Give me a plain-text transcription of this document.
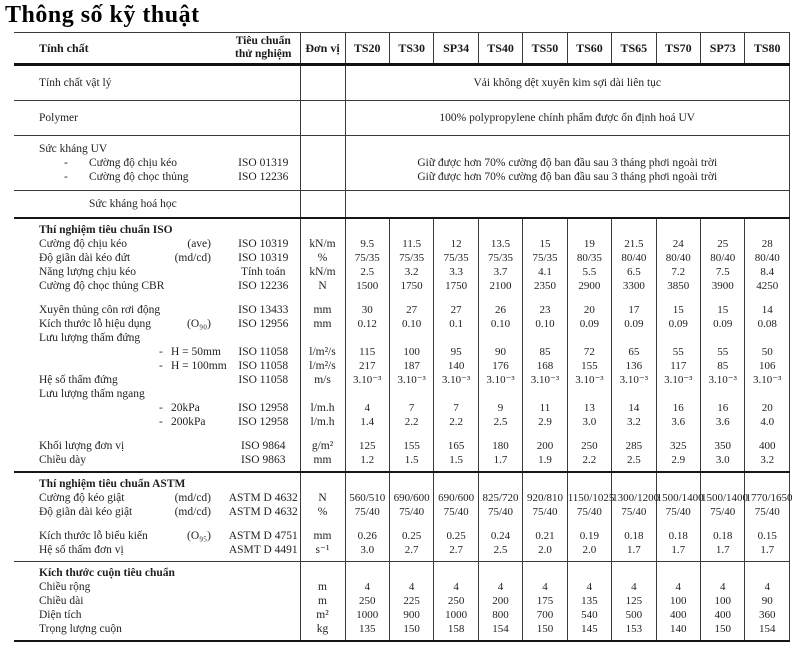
Thông số kỹ thuật
Tính chất	Tiêu chuẩn
thử nghiệm	Đơn vị	TS20	TS30	SP34	TS40	TS50	TS60	TS65	TS70	SP73	TS80
Tính chất vật lý			Vải không dệt xuyên kim sợi dài liên tục									
Polymer			100% polypropylene chính phẩm được ổn định hoá UV									
Sức kháng UV												
- Cường độ chịu kéo	ISO 01319		Giữ được hơn 70% cường độ ban đầu sau 3 tháng phơi ngoài trời									
- Cường độ chọc thủng	ISO 12236		Giữ được hơn 70% cường độ ban đầu sau 3 tháng phơi ngoài trời									
Sức kháng hoá học												
Thí nghiệm tiêu chuẩn ISO												
Cường độ chịu kéo (ave)	ISO 10319	kN/m	9.5	11.5	12	13.5	15	19	21.5	24	25	28
Độ giãn dài kéo đứt (md/cd)	ISO 10319	%	75/35	75/35	75/35	75/35	75/35	80/35	80/40	80/40	80/40	80/40
Năng lượng chịu kéo	Tính toán	kN/m	2.5	3.2	3.3	3.7	4.1	5.5	6.5	7.2	7.5	8.4
Cường độ chọc thủng CBR	ISO 12236	N	1500	1750	1750	2100	2350	2900	3300	3850	3900	4250

Xuyên thủng côn rơi động	ISO 13433	mm	30	27	27	26	23	20	17	15	15	14
Kích thước lỗ hiệu dụng (O₉₀)	ISO 12956	mm	0.12	0.10	0.1	0.10	0.10	0.09	0.09	0.09	0.09	0.08
Lưu lượng thấm đứng												
- H = 50mm	ISO 11058	l/m²/s	115	100	95	90	85	72	65	55	55	50
- H = 100mm	ISO 11058	l/m²/s	217	187	140	176	168	155	136	117	85	106
Hệ số thấm đứng	ISO 11058	m/s	3.10⁻³	3.10⁻³	3.10⁻³	3.10⁻³	3.10⁻³	3.10⁻³	3.10⁻³	3.10⁻³	3.10⁻³	3.10⁻³
Lưu lượng thấm ngang												
- 20kPa	ISO 12958	l/m.h	4	7	7	9	11	13	14	16	16	20
- 200kPa	ISO 12958	l/m.h	1.4	2.2	2.2	2.5	2.9	3.0	3.2	3.6	3.6	4.0

Khối lượng đơn vị	ISO 9864	g/m²	125	155	165	180	200	250	285	325	350	400
Chiều dày	ISO 9863	mm	1.2	1.5	1.5	1.7	1.9	2.2	2.5	2.9	3.0	3.2
Thí nghiệm tiêu chuẩn ASTM												
Cường độ kéo giật (md/cd)	ASTM D 4632	N	560/510	690/600	690/600	825/720	920/810	1150/1025	1300/1200	1500/1400	1500/1400	1770/1650
Độ giãn dài kéo giật (md/cd)	ASTM D 4632	%	75/40	75/40	75/40	75/40	75/40	75/40	75/40	75/40	75/40	75/40

Kích thước lỗ biểu kiến (O₉₅)	ASTM D 4751	mm	0.26	0.25	0.25	0.24	0.21	0.19	0.18	0.18	0.18	0.15
Hệ số thấm đơn vị	ASMT D 4491	s⁻¹	3.0	2.7	2.7	2.5	2.0	2.0	1.7	1.7	1.7	1.7
Kích thước cuộn tiêu chuẩn												
Chiều rộng		m	4	4	4	4	4	4	4	4	4	4
Chiều dài		m	250	225	250	200	175	135	125	100	100	90
Diện tích		m²	1000	900	1000	800	700	540	500	400	400	360
Trọng lượng cuộn		kg	135	150	158	154	150	145	153	140	150	154
